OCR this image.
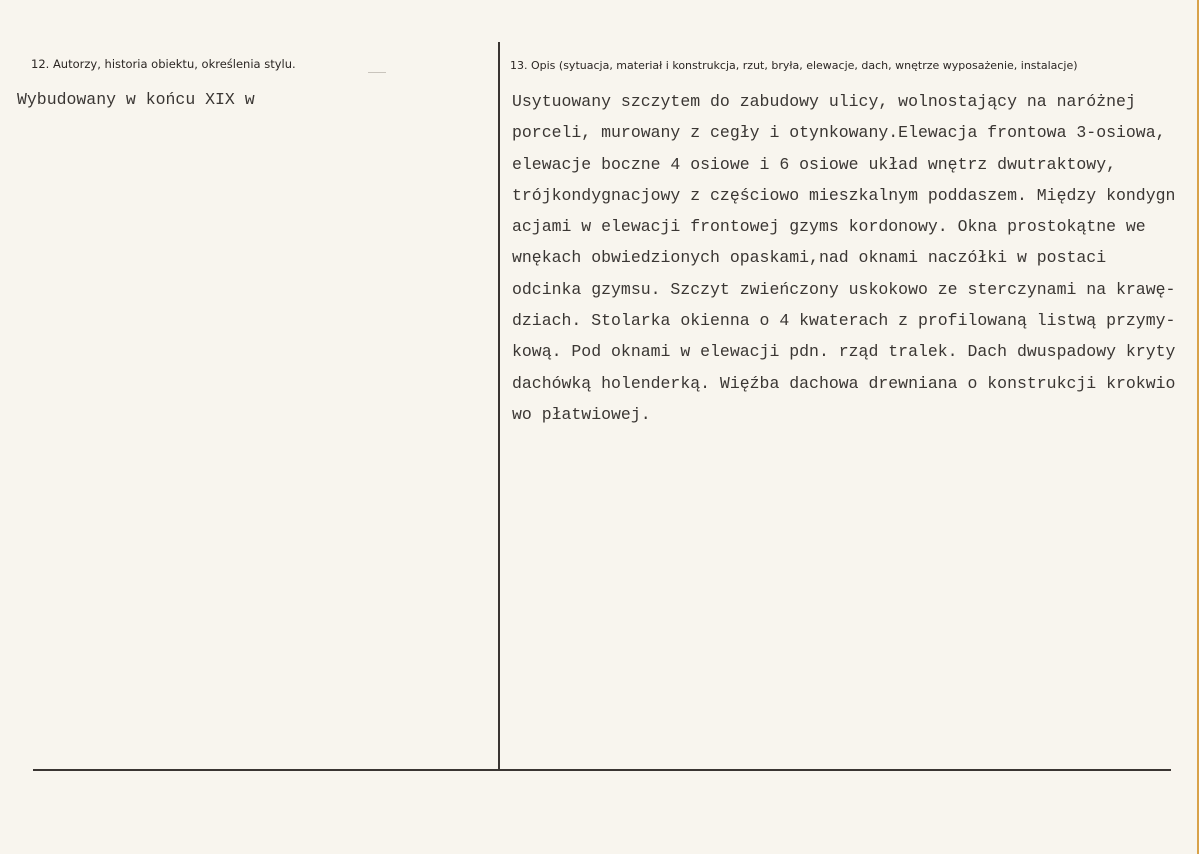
12. Autorzy, historia obiektu, określenia stylu.
Wybudowany w końcu XIX w
13. Opis (sytuacja, materiał i konstrukcja, rzut, bryła, elewacje, dach, wnętrze wyposażenie, instalacje)
Usytuowany szczytem do zabudowy ulicy, wolnostający na naróżnej
porceli, murowany z cegły i otynkowany.Elewacja frontowa 3-osiowa,
elewacje boczne 4 osiowe i 6 osiowe układ wnętrz dwutraktowy,
trójkondygnacjowy z częściowo mieszkalnym poddaszem. Między kondygn
acjami w elewacji frontowej gzyms kordonowy. Okna prostokątne we
wnękach obwiedzionych opaskami,nad oknami naczółki w postaci
odcinka gzymsu. Szczyt zwieńczony uskokowo ze sterczynami na krawę-
dziach. Stolarka okienna o 4 kwaterach z profilowaną listwą przymy-
kową. Pod oknami w elewacji pdn. rząd tralek. Dach dwuspadowy kryty
dachówką holenderką. Więźba dachowa drewniana o konstrukcji krokwio
wo płatwiowej.
